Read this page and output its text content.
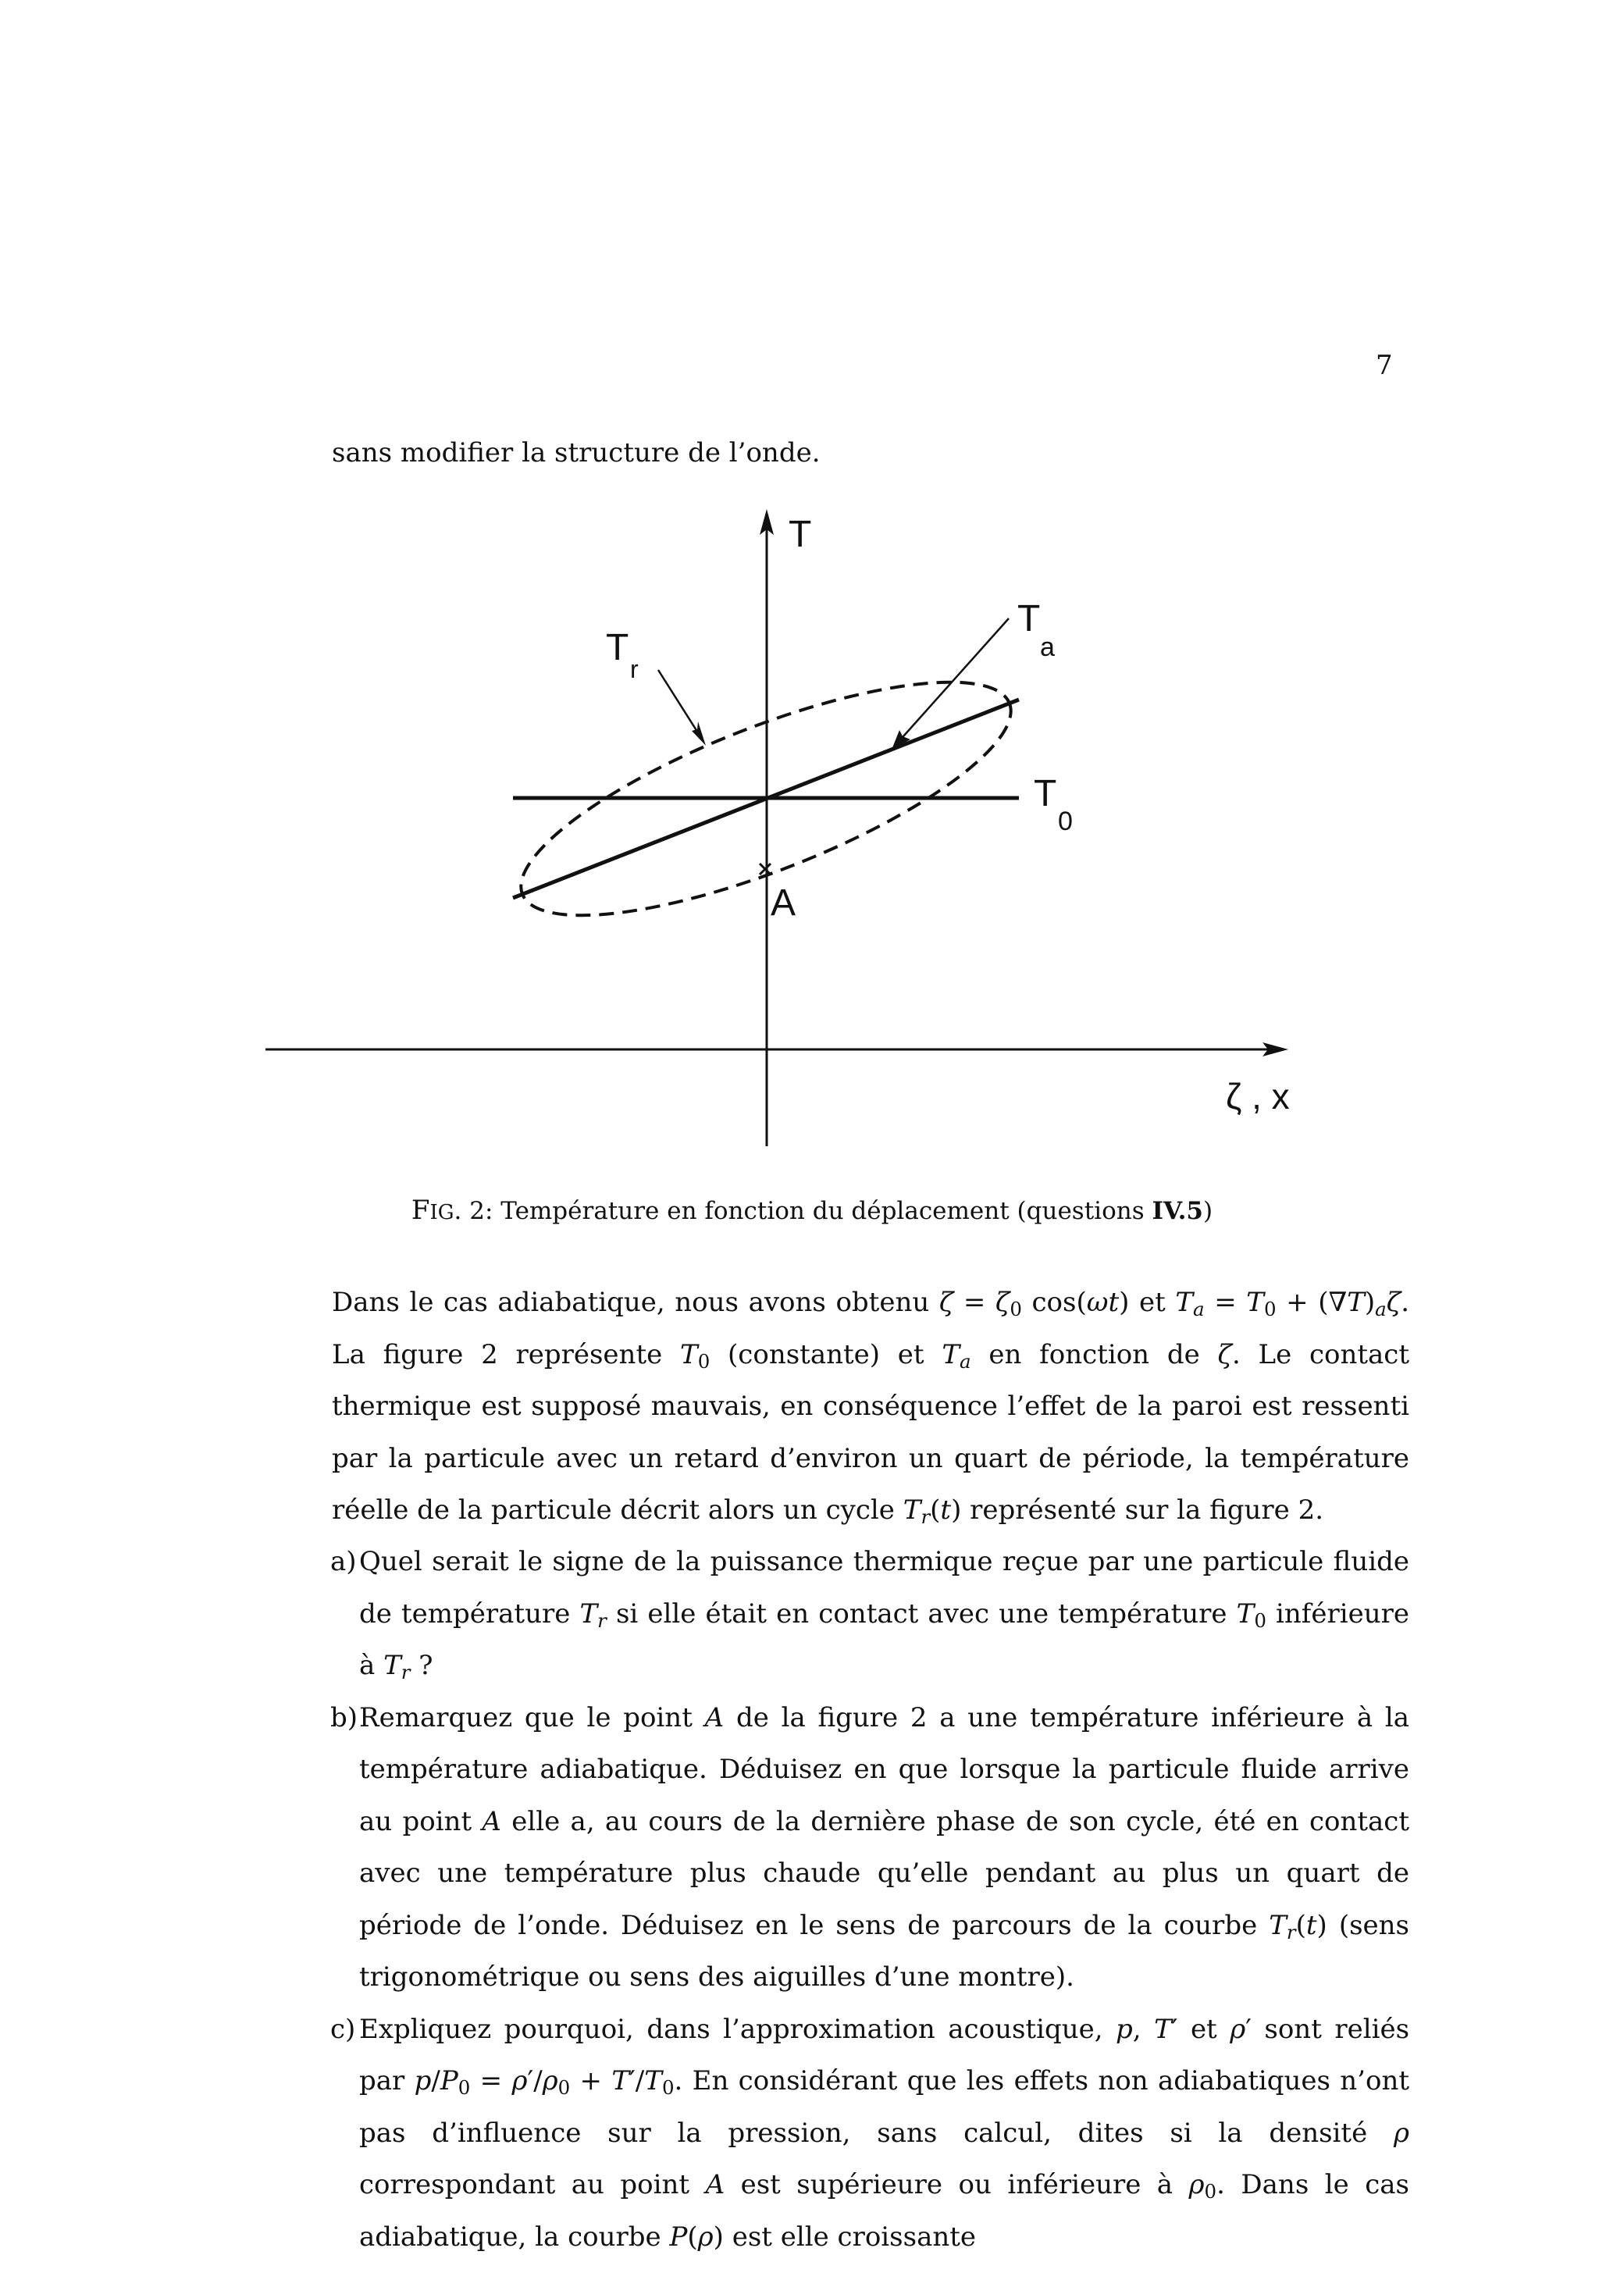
7
sans modifier la structure de l’onde.
T
T
r
T
a
T
0
A
ζ , x
FIG. 2: Température en fonction du déplacement (questions IV.5)

Dans le cas adiabatique, nous avons obtenu $\zeta = \zeta_0$ cos(ωt) et $T_a = T_0 + (\nabla T)_a\zeta$. La figure 2 représente $T_0$ (constante) et $T_a$ en fonction de ζ. Le contact thermique est supposé mauvais, en conséquence l’effet de la paroi est ressenti par la particule avec un retard d’environ un quart de période, la température réelle de la particule décrit alors un cycle $T_r(t)$ représenté sur la figure 2.

a) Quel serait le signe de la puissance thermique reçue par une particule fluide de température $T_r$ si elle était en contact avec une température $T_0$ inférieure à $T_r$ ?
b) Remarquez que le point A de la figure 2 a une température inférieure à la température adiabatique. Déduisez en que lorsque la particule fluide arrive au point A elle a, au cours de la dernière phase de son cycle, été en contact avec une température plus chaude qu’elle pendant au plus un quart de période de l’onde. Déduisez en le sens de parcours de la courbe $T_r(t)$ (sens trigonométrique ou sens des aiguilles d’une montre).
c) Expliquez pourquoi, dans l’approximation acoustique, p, T′ et ρ′ sont reliés par $p/P_0 = \rho'/\rho_0 + T'/T_0$. En considérant que les effets non adiabatiques n’ont pas d’influence sur la pression, sans calcul, dites si la densité ρ correspondant au point A est supérieure ou inférieure à $\rho_0$. Dans le cas adiabatique, la courbe P(ρ) est elle croissante
